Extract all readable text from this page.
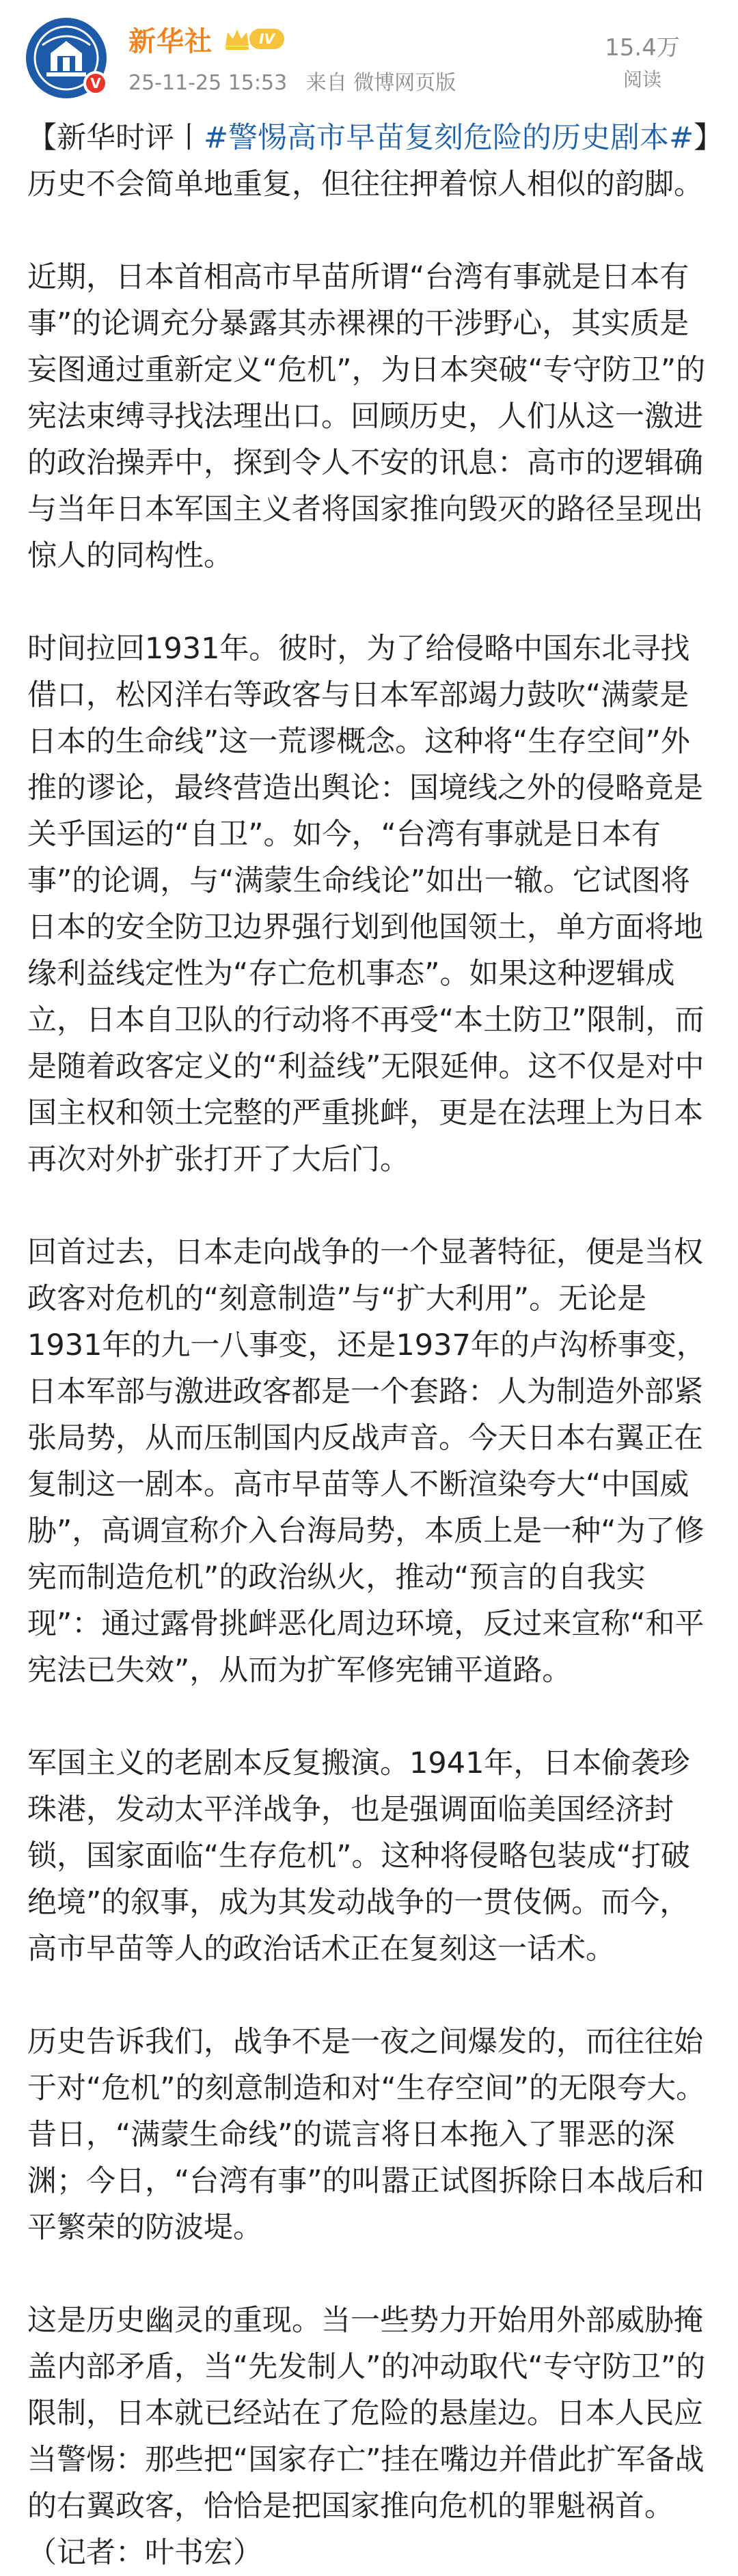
V
新华社	IV
25-11-25 15:53 来自 微博网页版
15.4万
阅读

【新华时评丨#警惕高市早苗复刻危险的历史剧本#】历史不会简单地重复，但往往押着惊人相似的韵脚。

近期，日本首相高市早苗所谓“台湾有事就是日本有事”的论调充分暴露其赤裸裸的干涉野心，其实质是妄图通过重新定义“危机”，为日本突破“专守防卫”的宪法束缚寻找法理出口。回顾历史，人们从这一激进的政治操弄中，探到令人不安的讯息：高市的逻辑确与当年日本军国主义者将国家推向毁灭的路径呈现出惊人的同构性。

时间拉回1931年。彼时，为了给侵略中国东北寻找借口，松冈洋右等政客与日本军部竭力鼓吹“满蒙是日本的生命线”这一荒谬概念。这种将“生存空间”外推的谬论，最终营造出舆论：国境线之外的侵略竟是关乎国运的“自卫”。如今，“台湾有事就是日本有事”的论调，与“满蒙生命线论”如出一辙。它试图将日本的安全防卫边界强行划到他国领土，单方面将地缘利益线定性为“存亡危机事态”。如果这种逻辑成立，日本自卫队的行动将不再受“本土防卫”限制，而是随着政客定义的“利益线”无限延伸。这不仅是对中国主权和领土完整的严重挑衅，更是在法理上为日本再次对外扩张打开了大后门。

回首过去，日本走向战争的一个显著特征，便是当权政客对危机的“刻意制造”与“扩大利用”。无论是1931年的九一八事变，还是1937年的卢沟桥事变，日本军部与激进政客都是一个套路：人为制造外部紧张局势，从而压制国内反战声音。今天日本右翼正在复制这一剧本。高市早苗等人不断渲染夸大“中国威胁”，高调宣称介入台海局势，本质上是一种“为了修宪而制造危机”的政治纵火，推动“预言的自我实现”：通过露骨挑衅恶化周边环境，反过来宣称“和平宪法已失效”，从而为扩军修宪铺平道路。

军国主义的老剧本反复搬演。1941年，日本偷袭珍珠港，发动太平洋战争，也是强调面临美国经济封锁，国家面临“生存危机”。这种将侵略包装成“打破绝境”的叙事，成为其发动战争的一贯伎俩。而今，高市早苗等人的政治话术正在复刻这一话术。

历史告诉我们，战争不是一夜之间爆发的，而往往始于对“危机”的刻意制造和对“生存空间”的无限夸大。昔日，“满蒙生命线”的谎言将日本拖入了罪恶的深渊；今日，“台湾有事”的叫嚣正试图拆除日本战后和平繁荣的防波堤。

这是历史幽灵的重现。当一些势力开始用外部威胁掩盖内部矛盾，当“先发制人”的冲动取代“专守防卫”的限制，日本就已经站在了危险的悬崖边。日本人民应当警惕：那些把“国家存亡”挂在嘴边并借此扩军备战的右翼政客，恰恰是把国家推向危机的罪魁祸首。（记者：叶书宏）
